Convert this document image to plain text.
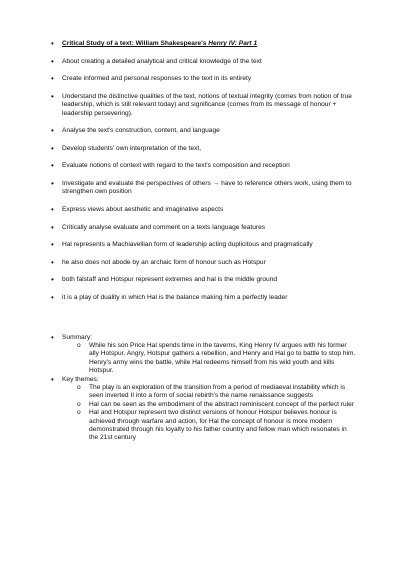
• Critical Study of a text: William Shakespeare's Henry IV: Part 1
• About creating a detailed analytical and critical knowledge of the text
• Create informed and personal responses to the text in its entirety
• Understand the distinctive qualities of the text, notions of textual integrity (comes from notion of true leadership, which is still relevant today) and significance (comes from its message of honour + leadership persevering).
• Analyse the text's construction, content, and language
• Develop students' own interpretation of the text,
• Evaluate notions of context with regard to the text's composition and reception
• Investigate and evaluate the perspectives of others → have to reference others work, using them to strengthen own position
• Express views about aesthetic and imaginative aspects
• Critically analyse evaluate and comment on a texts language features
• Hal represents a Machiavellian form of leadership acting duplicitous and pragmatically
• he also does not abode by an archaic form of honour such as Hotspur
• both falstaff and Hotspur represent extremes and hal is the middle ground
• it is a play of duality in which Hal is the balance making him a perfectly leader
• Summary:
o While his son Price Hal spends time in the taverns, King Henry IV argues with his former ally Hotspur. Angry, Hotspur gathers a rebellion, and Henry and Hal go to battle to stop him. Henry's army wins the battle, while Hal redeems himself from his wild youth and kills Hotspur.
• Key themes:
o The play is an exploration of the transition from a period of mediaeval instability which is seen inverted II into a form of social rebirth's the name renaissance suggests
o Hal can be seen as the embodiment of the abstract reminiscent concept of the perfect ruler
o Hal and Hotspur represent two distinct versions of honour Hotspur believes honour is achieved through warfare and action, for Hal the concept of honour is more modern demonstrated through his loyalty to his father country and fellow man which resonates in the 21st century
